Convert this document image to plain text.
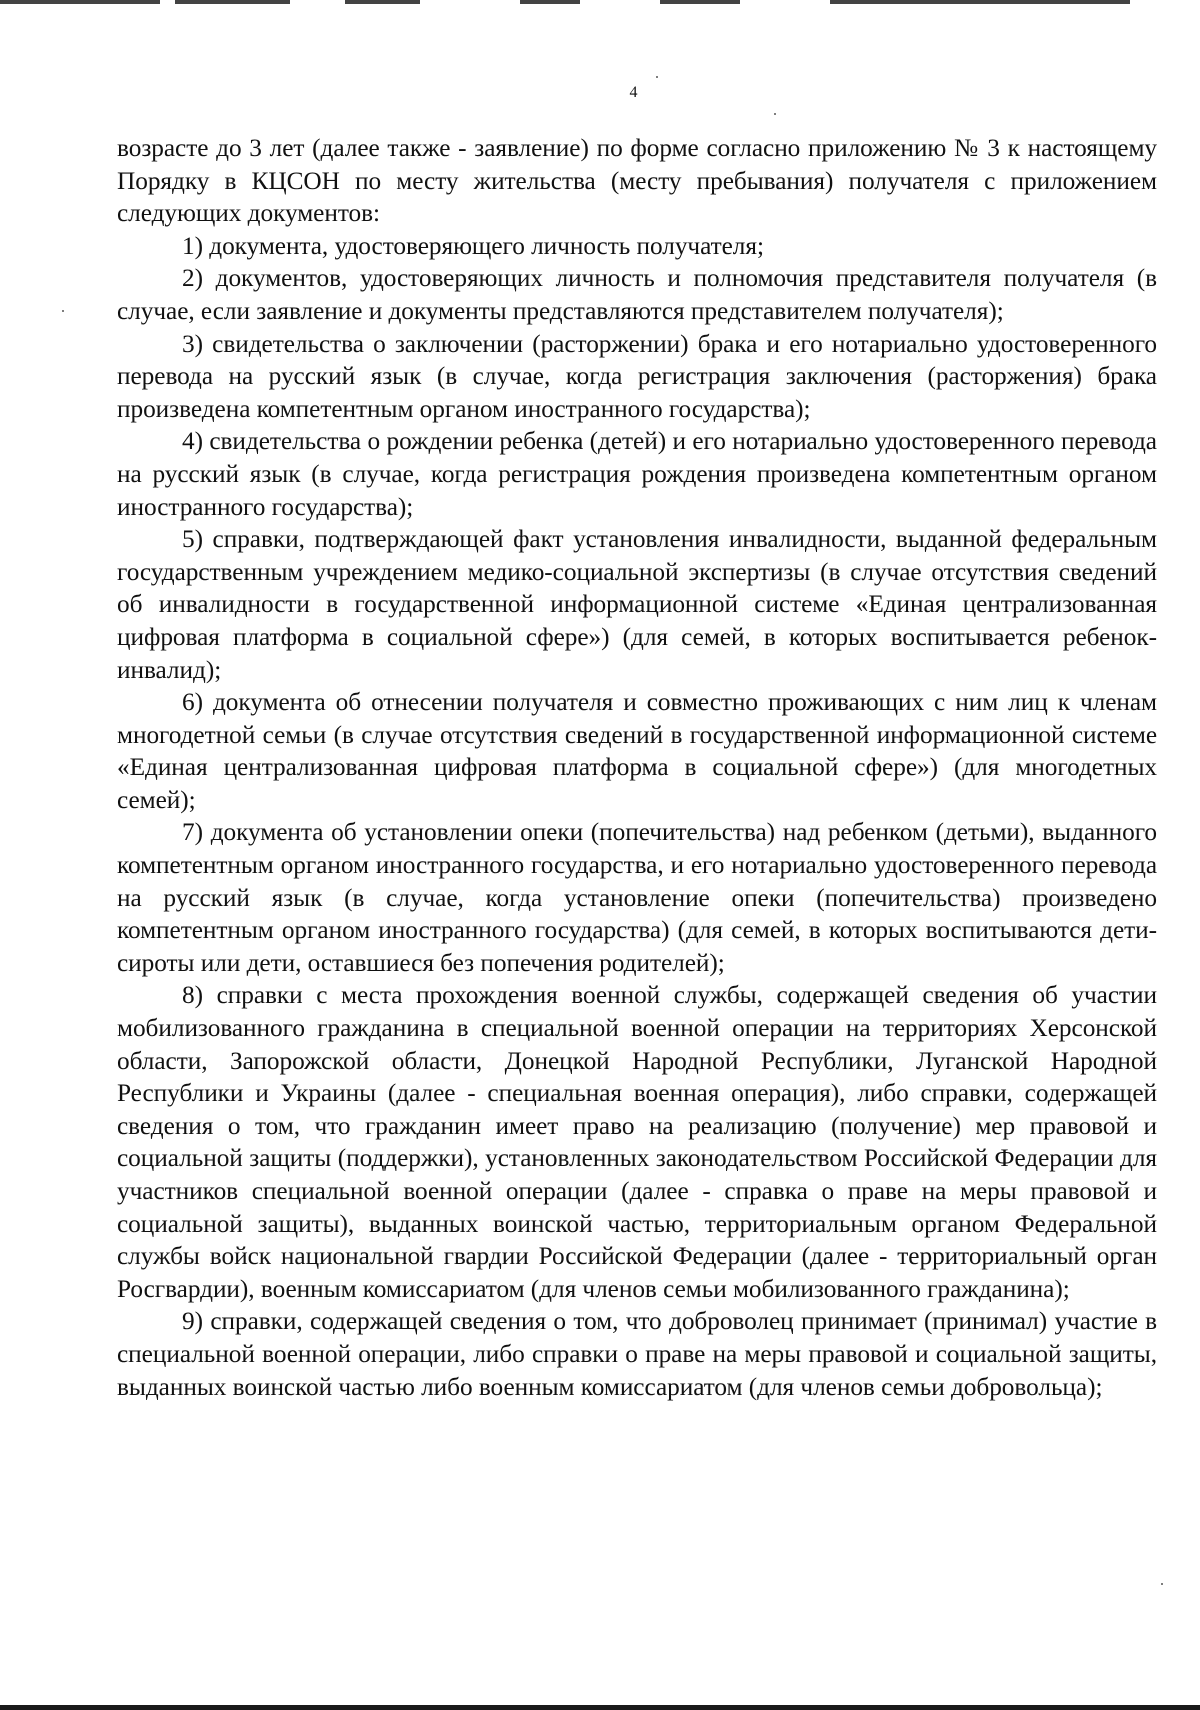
4

возрасте до 3 лет (далее также - заявление) по форме согласно приложению № 3 к настоящему Порядку в КЦСОН по месту жительства (месту пребывания) получателя с приложением следующих документов:

1) документа, удостоверяющего личность получателя;

2) документов, удостоверяющих личность и полномочия представителя получателя (в случае, если заявление и документы представляются представителем получателя);

3) свидетельства о заключении (расторжении) брака и его нотариально удостоверенного перевода на русский язык (в случае, когда регистрация заключения (расторжения) брака произведена компетентным органом иностранного государства);

4) свидетельства о рождении ребенка (детей) и его нотариально удостоверенного перевода на русский язык (в случае, когда регистрация рождения произведена компетентным органом иностранного государства);

5) справки, подтверждающей факт установления инвалидности, выданной федеральным государственным учреждением медико-социальной экспертизы (в случае отсутствия сведений об инвалидности в государственной информационной системе «Единая централизованная цифровая платформа в социальной сфере») (для семей, в которых воспитывается ребенок-инвалид);

6) документа об отнесении получателя и совместно проживающих с ним лиц к членам многодетной семьи (в случае отсутствия сведений в государственной информационной системе «Единая централизованная цифровая платформа в социальной сфере») (для многодетных семей);

7) документа об установлении опеки (попечительства) над ребенком (детьми), выданного компетентным органом иностранного государства, и его нотариально удостоверенного перевода на русский язык (в случае, когда установление опеки (попечительства) произведено компетентным органом иностранного государства) (для семей, в которых воспитываются дети-сироты или дети, оставшиеся без попечения родителей);

8) справки с места прохождения военной службы, содержащей сведения об участии мобилизованного гражданина в специальной военной операции на территориях Херсонской области, Запорожской области, Донецкой Народной Республики, Луганской Народной Республики и Украины (далее - специальная военная операция), либо справки, содержащей сведения о том, что гражданин имеет право на реализацию (получение) мер правовой и социальной защиты (поддержки), установленных законодательством Российской Федерации для участников специальной военной операции (далее - справка о праве на меры правовой и социальной защиты), выданных воинской частью, территориальным органом Федеральной службы войск национальной гвардии Российской Федерации (далее - территориальный орган Росгвардии), военным комиссариатом (для членов семьи мобилизованного гражданина);

9) справки, содержащей сведения о том, что доброволец принимает (принимал) участие в специальной военной операции, либо справки о праве на меры правовой и социальной защиты, выданных воинской частью либо военным комиссариатом (для членов семьи добровольца);
